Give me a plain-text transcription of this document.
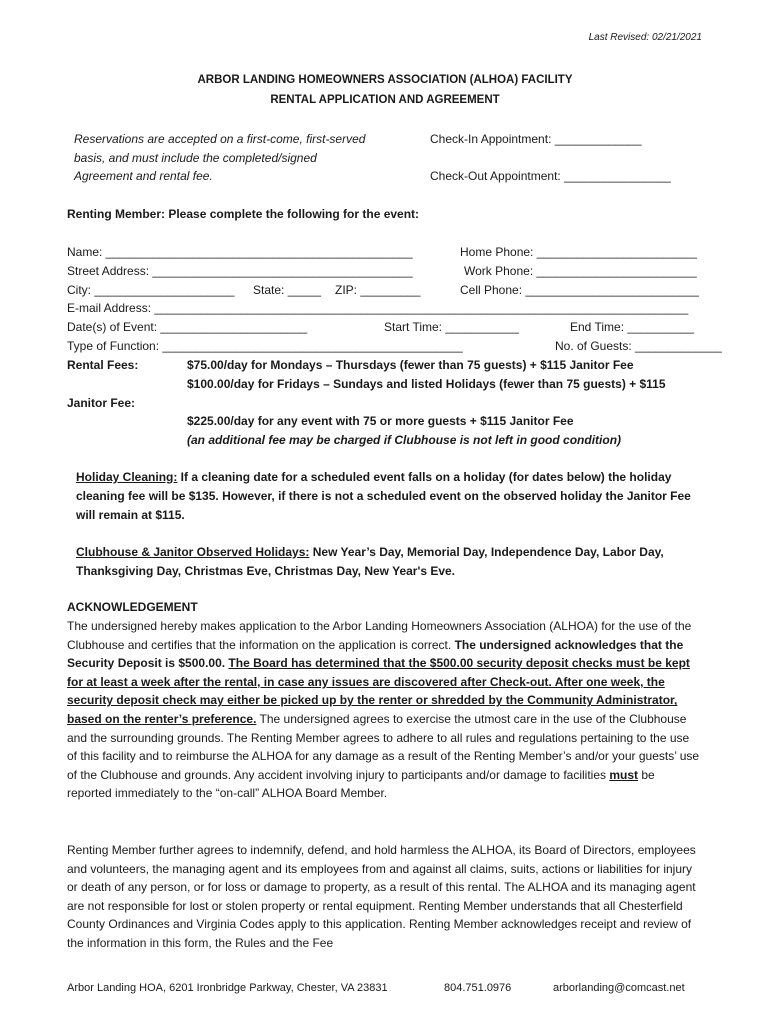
Last Revised: 02/21/2021
ARBOR LANDING HOMEOWNERS ASSOCIATION (ALHOA) FACILITY
RENTAL APPLICATION AND AGREEMENT
Reservations are accepted on a first-come, first-served
basis, and must include the completed/signed
Agreement and rental fee.
Check-In Appointment: _____________
Check-Out Appointment: ________________
Renting Member: Please complete the following for the event:
Name: ______________________________________________	Home Phone: ________________________
Street Address: _______________________________________	Work Phone: ________________________
City: _____________________ State: _____ ZIP: _________	Cell Phone: __________________________
E-mail Address: ________________________________________________________________________________
Date(s) of Event: ______________________	Start Time: ___________	End Time: __________
Type of Function: _____________________________________________	No. of Guests: _____________
Rental Fees:	$75.00/day for Mondays – Thursdays (fewer than 75 guests) + $115 Janitor Fee
$100.00/day for Fridays – Sundays and listed Holidays (fewer than 75 guests) + $115
Janitor Fee:
$225.00/day for any event with 75 or more guests + $115 Janitor Fee
(an additional fee may be charged if Clubhouse is not left in good condition)
Holiday Cleaning: If a cleaning date for a scheduled event falls on a holiday (for dates below) the holiday
cleaning fee will be $135. However, if there is not a scheduled event on the observed holiday the Janitor Fee
will remain at $115.
Clubhouse & Janitor Observed Holidays: New Year’s Day, Memorial Day, Independence Day, Labor Day,
Thanksgiving Day, Christmas Eve, Christmas Day, New Year's Eve.
ACKNOWLEDGEMENT
The undersigned hereby makes application to the Arbor Landing Homeowners Association (ALHOA) for the use of the Clubhouse and certifies that the information on the application is correct. The undersigned acknowledges that the Security Deposit is $500.00. The Board has determined that the $500.00 security deposit checks must be kept for at least a week after the rental, in case any issues are discovered after Check-out. After one week, the security deposit check may either be picked up by the renter or shredded by the Community Administrator, based on the renter’s preference. The undersigned agrees to exercise the utmost care in the use of the Clubhouse and the surrounding grounds. The Renting Member agrees to adhere to all rules and regulations pertaining to the use of this facility and to reimburse the ALHOA for any damage as a result of the Renting Member’s and/or your guests’ use of the Clubhouse and grounds. Any accident involving injury to participants and/or damage to facilities must be reported immediately to the “on-call” ALHOA Board Member.
Renting Member further agrees to indemnify, defend, and hold harmless the ALHOA, its Board of Directors, employees and volunteers, the managing agent and its employees from and against all claims, suits, actions or liabilities for injury or death of any person, or for loss or damage to property, as a result of this rental. The ALHOA and its managing agent are not responsible for lost or stolen property or rental equipment. Renting Member understands that all Chesterfield County Ordinances and Virginia Codes apply to this application. Renting Member acknowledges receipt and review of the information in this form, the Rules and the Fee
Arbor Landing HOA, 6201 Ironbridge Parkway, Chester, VA 23831	804.751.0976	arborlanding@comcast.net
